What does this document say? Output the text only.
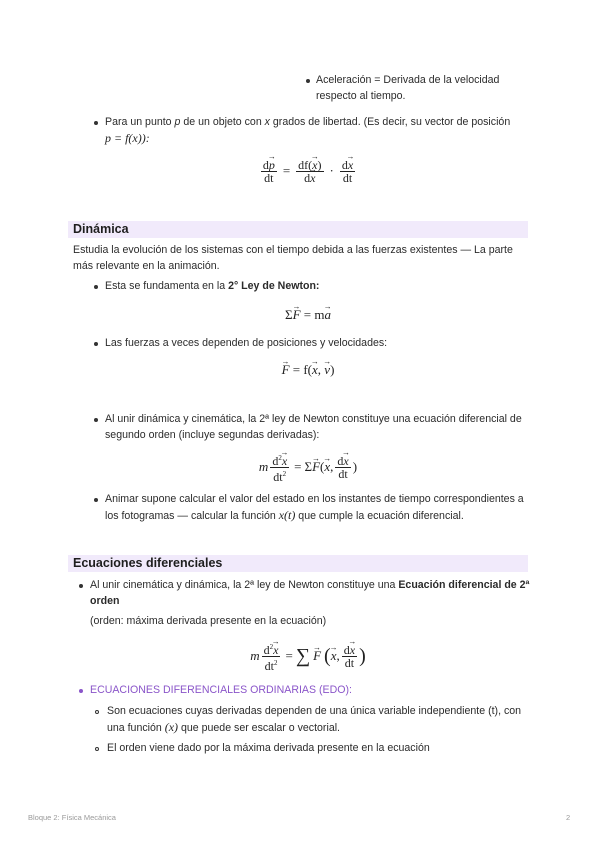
Aceleración = Derivada de la velocidad
respecto al tiempo.
Para un punto p de un objeto con x grados de libertad. (Es decir, su vector de posición
p = f(x)):
$\frac{d\to p}{dt} = \frac{df(\to x)}{d\to x} \cdot \frac{d\to x}{dt}$
Dinámica
Estudia la evolución de los sistemas con el tiempo debida a las fuerzas existentes — La parte
más relevante en la animación.
Esta se fundamenta en la 2° Ley de Newton:
Σ→ F = m→ a
Las fuerzas a veces dependen de posiciones y velocidades:
→ F = f(→ x, → v)
Al unir dinámica y cinemática, la 2ª ley de Newton constituye una ecuación diferencial de
segundo orden (incluye segundas derivadas):
m $\frac{d^2\to x}{dt^2} = \Sigma\to F(\to x$, $\frac{d\to x}{dt}$ )
Animar supone calcular el valor del estado en los instantes de tiempo correspondientes a
los fotogramas — calcular la función x(t) que cumple la ecuación diferencial.
Ecuaciones diferenciales
Al unir cinemática y dinámica, la 2ª ley de Newton constituye una Ecuación diferencial de 2ª
orden
(orden: máxima derivada presente en la ecuación)
m $\frac{d^2\to x}{dt^2}$ = ∑ → F ( → x , $\frac{d\to x}{dt}$ )
ECUACIONES DIFERENCIALES ORDINARIAS (EDO):
Son ecuaciones cuyas derivadas dependen de una única variable independiente (t), con
una función (x) que puede ser escalar o vectorial.
El orden viene dado por la máxima derivada presente en la ecuación
Bloque 2: Física Mecánica	2
